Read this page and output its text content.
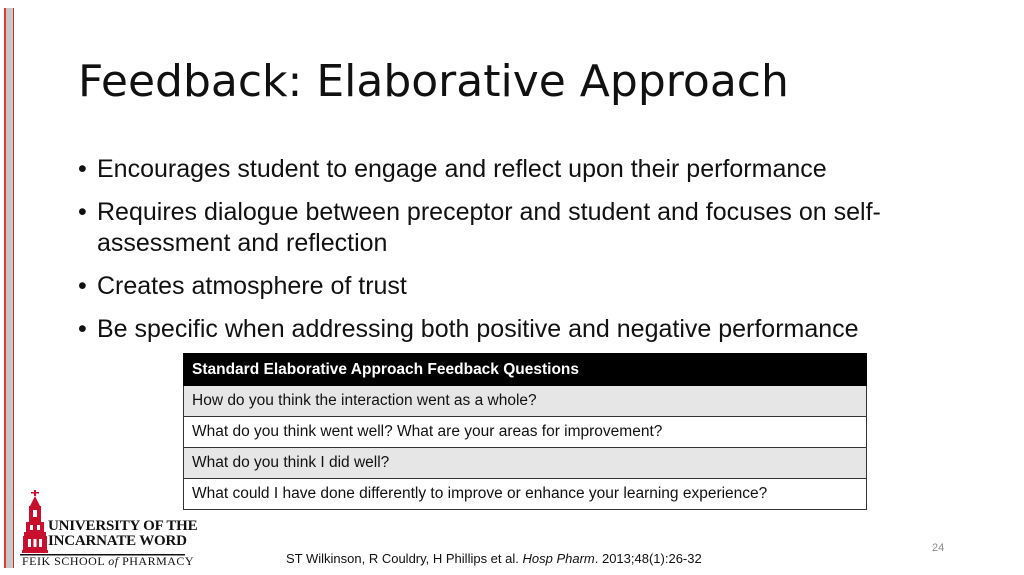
Feedback: Elaborative Approach
• Encourages student to engage and reflect upon their performance
• Requires dialogue between preceptor and student and focuses on self-assessment and reflection
• Creates atmosphere of trust
• Be specific when addressing both positive and negative performance
Standard Elaborative Approach Feedback Questions
How do you think the interaction went as a whole?
What do you think went well? What are your areas for improvement?
What do you think I did well?
What could I have done differently to improve or enhance your learning experience?
UNIVERSITY OF THE
INCARNATE WORD
FEIK SCHOOL of PHARMACY
24
ST Wilkinson, R Couldry, H Phillips et al. Hosp Pharm. 2013;48(1):26-32
